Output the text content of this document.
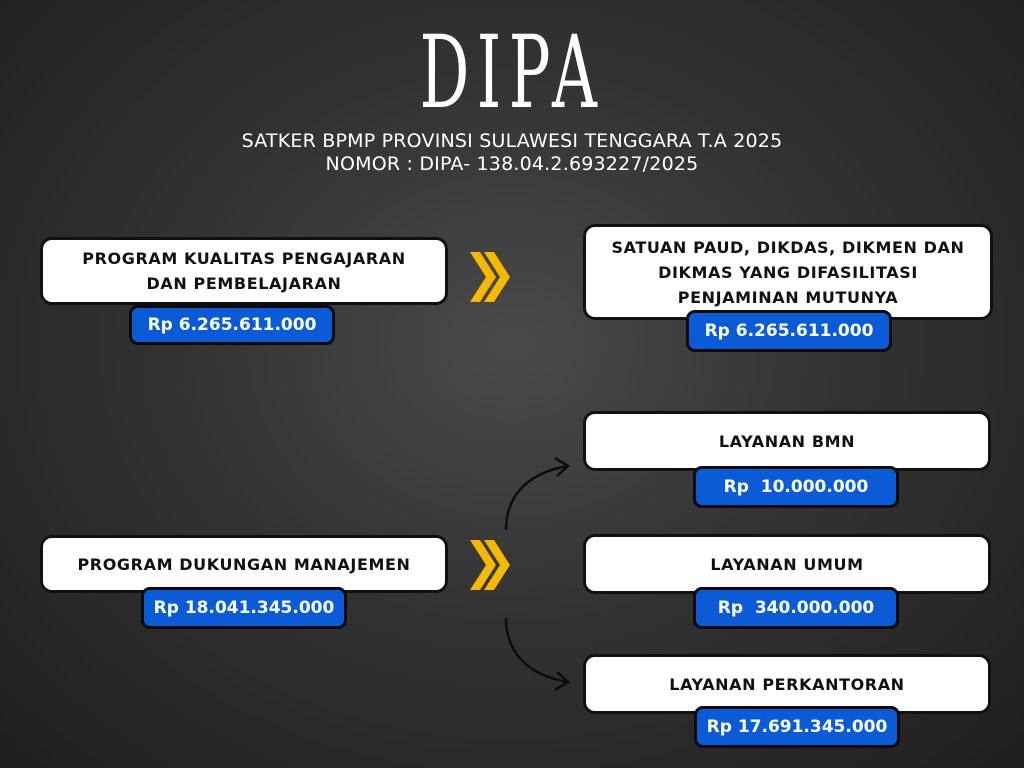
DIPA
SATKER BPMP PROVINSI SULAWESI TENGGARA T.A 2025
NOMOR : DIPA- 138.04.2.693227/2025
PROGRAM KUALITAS PENGAJARAN DAN PEMBELAJARAN
Rp 6.265.611.000
SATUAN PAUD, DIKDAS, DIKMEN DAN DIKMAS YANG DIFASILITASI PENJAMINAN MUTUNYA
Rp 6.265.611.000
PROGRAM DUKUNGAN MANAJEMEN
Rp 18.041.345.000
LAYANAN BMN
Rp  10.000.000
LAYANAN UMUM
Rp  340.000.000
LAYANAN PERKANTORAN
Rp 17.691.345.000
